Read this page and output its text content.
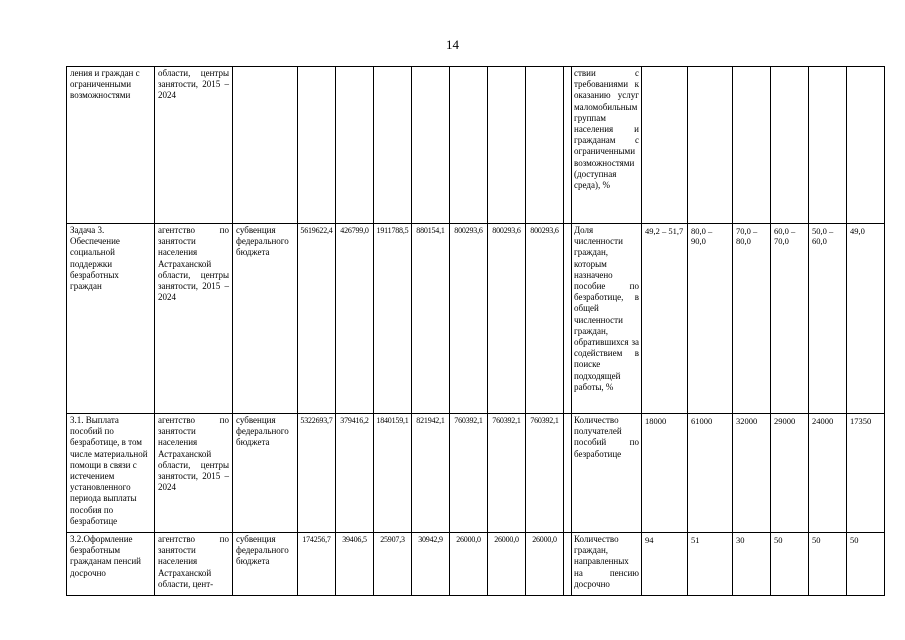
14
ления и граждан с ограниченными возможностями	области, центры занятости, 2015 – 2024										ствии с требованиями к оказанию услуг маломобильным группам населения и гражданам с ограниченными возможностями (доступная среда), %						
Задача 3. Обеспечение социальной поддержки безработных граждан	агентство по занятости населения Астраханской области, центры занятости, 2015 – 2024	субвенция федерального бюджета	5619622,4	426799,0	1911788,5	880154,1	800293,6	800293,6	800293,6		Доля численности граждан, которым назначено пособие по безработице, в общей численности граждан, обратившихся за содействием в поиске подходящей работы, %	49,2 – 51,7	80,0 – 90,0	70,0 – 80,0	60,0 – 70,0	50,0 – 60,0	49,0
3.1. Выплата пособий по безработице, в том числе материальной помощи в связи с истечением установленного периода выплаты пособия по безработице	агентство по занятости населения Астраханской области, центры занятости, 2015 – 2024	субвенция федерального бюджета	5322693,7	379416,2	1840159,1	821942,1	760392,1	760392,1	760392,1		Количество получателей пособий по безработице	18000	61000	32000	29000	24000	17350
3.2.Оформление безработным гражданам пенсий досрочно	агентство по занятости населения Астраханской области, цент-	субвенция федерального бюджета	174256,7	39406,5	25907,3	30942,9	26000,0	26000,0	26000,0		Количество граждан, направленных на пенсию досрочно	94	51	30	50	50	50
